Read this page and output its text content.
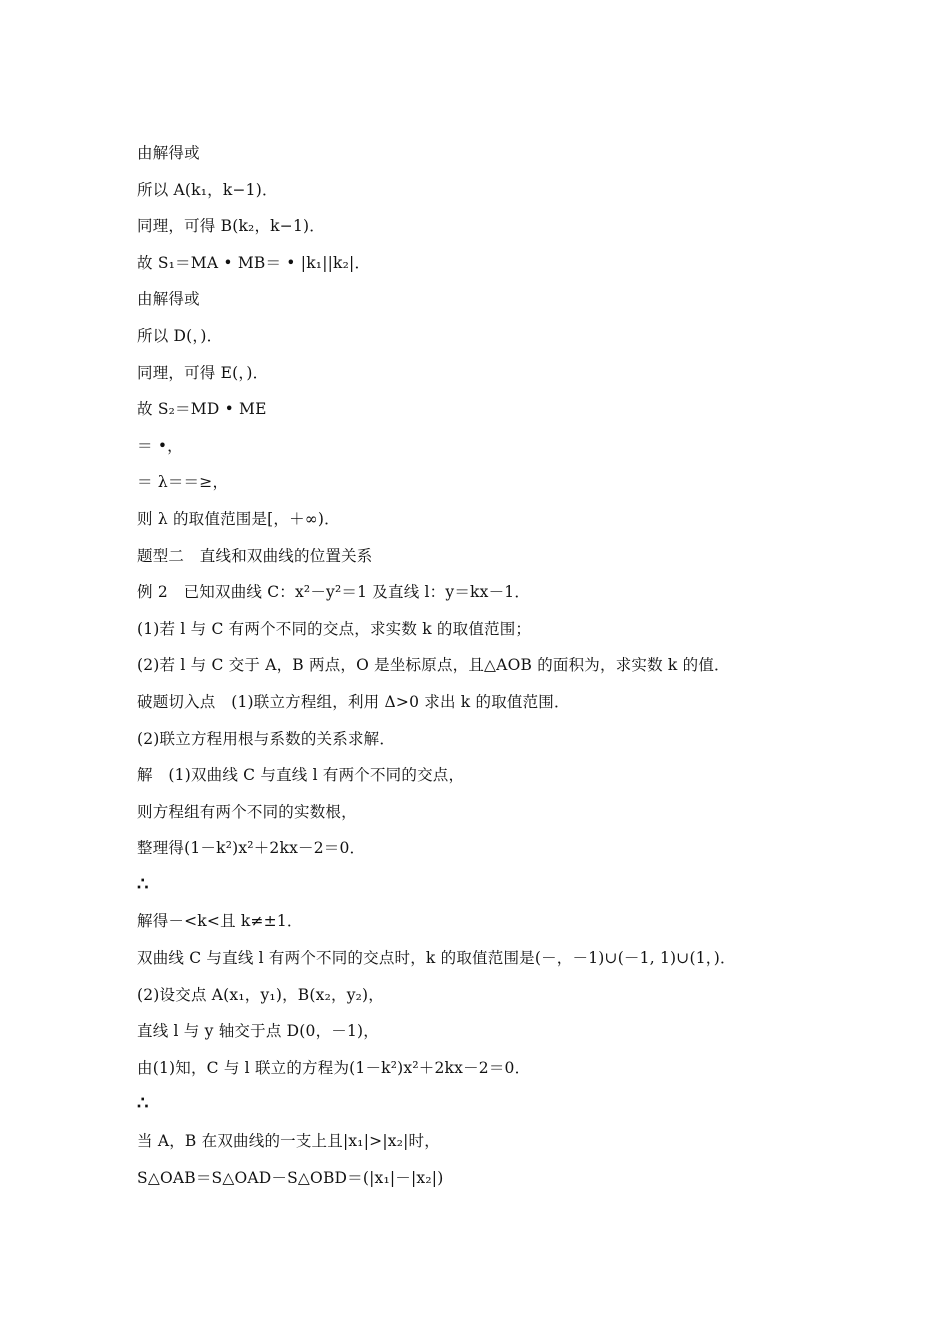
由解得或
所以 A(k₁，k−1)．
同理，可得 B(k₂，k−1)．
故 S₁＝MA • MB＝ • |k₁||k₂|．
由解得或
所以 D(，)．
同理，可得 E(，)．
故 S₂＝MD • ME
＝ •，
＝ λ＝＝≥，
则 λ 的取值范围是[，＋∞)．
题型二　直线和双曲线的位置关系
例 2　已知双曲线 C：x²－y²＝1 及直线 l：y＝kx－1．
(1)若 l 与 C 有两个不同的交点，求实数 k 的取值范围；
(2)若 l 与 C 交于 A，B 两点，O 是坐标原点，且△AOB 的面积为，求实数 k 的值．
破题切入点　(1)联立方程组，利用 Δ>0 求出 k 的取值范围．
(2)联立方程用根与系数的关系求解．
解　(1)双曲线 C 与直线 l 有两个不同的交点，
则方程组有两个不同的实数根，
整理得(1－k²)x²＋2kx－2＝0．
∴
解得－<k<且 k≠±1．
双曲线 C 与直线 l 有两个不同的交点时，k 的取值范围是(－，－1)∪(－1, 1)∪(1，)．
(2)设交点 A(x₁，y₁)，B(x₂，y₂)，
直线 l 与 y 轴交于点 D(0，－1)，
由(1)知，C 与 l 联立的方程为(1－k²)x²＋2kx－2＝0．
∴
当 A，B 在双曲线的一支上且|x₁|>|x₂|时，
S△OAB＝S△OAD－S△OBD＝(|x₁|－|x₂|)
